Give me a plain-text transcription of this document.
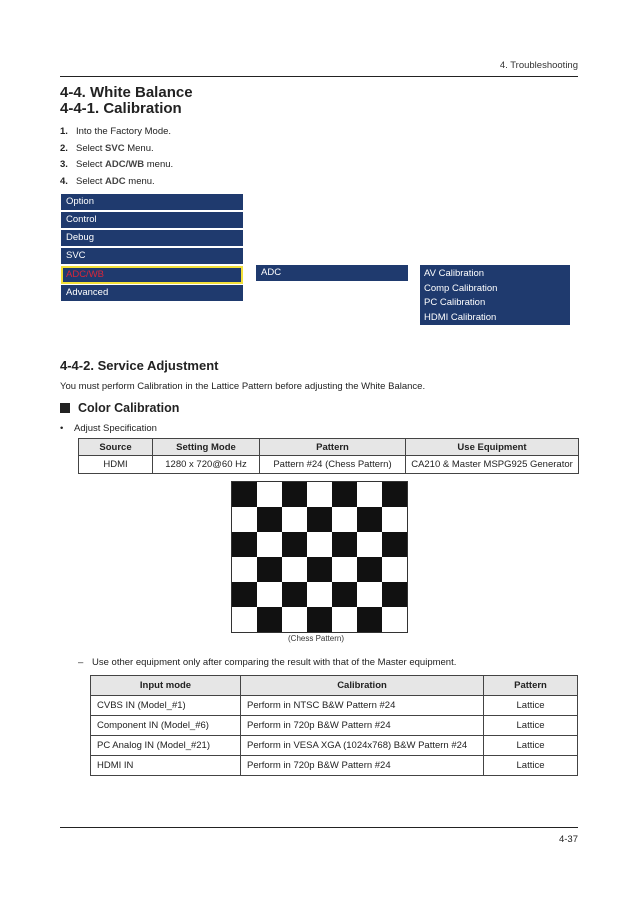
4. Troubleshooting
4-4. White Balance
4-4-1. Calibration
1. Into the Factory Mode.
2. Select SVC Menu.
3. Select ADC/WB menu.
4. Select ADC menu.
Option
Control
Debug
SVC
ADC/WB
Advanced
ADC	AV Calibration
Comp Calibration
PC Calibration
HDMI Calibration
4-4-2. Service Adjustment
You must perform Calibration in the Lattice Pattern before adjusting the White Balance.
Color Calibration
• Adjust Specification
Source	Setting Mode	Pattern	Use Equipment
HDMI	1280 x 720@60 Hz	Pattern #24 (Chess Pattern)	CA210 & Master MSPG925 Generator
(Chess Pattern)
– Use other equipment only after comparing the result with that of the Master equipment.
Input mode	Calibration	Pattern
CVBS IN (Model_#1)	Perform in NTSC B&W Pattern #24	Lattice
Component IN (Model_#6)	Perform in 720p B&W Pattern #24	Lattice
PC Analog IN (Model_#21)	Perform in VESA XGA (1024x768) B&W Pattern #24	Lattice
HDMI IN	Perform in 720p B&W Pattern #24	Lattice
4-37
